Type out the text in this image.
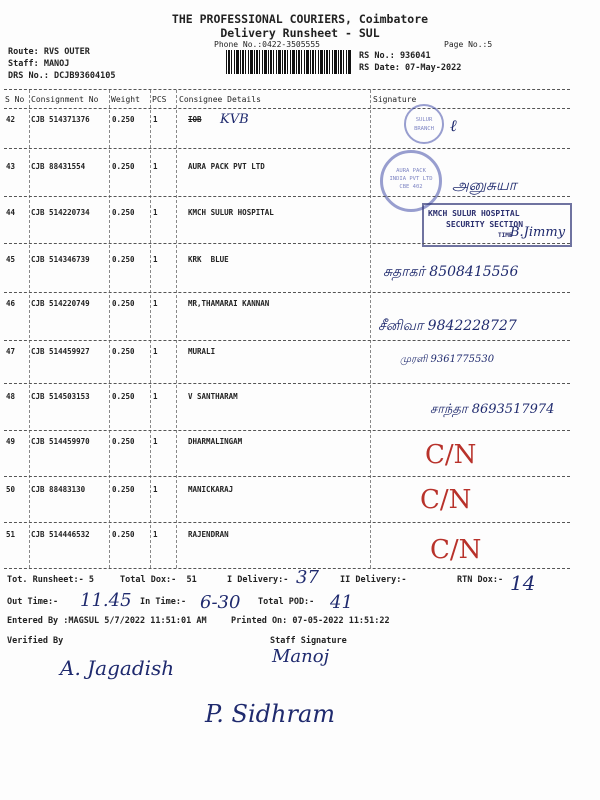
THE PROFESSIONAL COURIERS, Coimbatore
Delivery Runsheet - SUL
Phone No.:0422-3505555	Page No.:5
Route: RVS OUTER
Staff: MANOJ
DRS No.: DCJB93604105
RS No.: 936041
RS Date: 07-May-2022
S No Consignment No Weight PCS Consignee Details	Signature
42 CJB 514371376	0.250 1	IOB KVB	SULUR BRANCH	ℓ
43 CJB 88431554	0.250 1	AURA PACK PVT LTD	AURA PACK INDIA PVT LTD CBE 402	அனுசுயா
44 CJB 514220734	0.250 1	KMCH SULUR HOSPITAL	KMCH SULUR HOSPITAL
SECURITY SECTION
TIME
B.Jimmy
45 CJB 514346739	0.250 1	KRK  BLUE
சுதாகர் 8508415556
46 CJB 514220749	0.250 1	MR,THAMARAI KANNAN
சீனிவா 9842228727
47 CJB 514459927	0.250 1	MURALI
முரளி 9361775530
48 CJB 514503153	0.250 1	V SANTHARAM
சாந்தா 8693517974
49 CJB 514459970	0.250 1	DHARMALINGAM	C/N
50 CJB 88483130	0.250 1	MANICKARAJ	C/N
51 CJB 514446532	0.250 1	RAJENDRAN
C/N
Tot. Runsheet:- 5	Total Dox:-  51	I Delivery:- 37 II Delivery:-	RTN Dox:- 14
Out Time:- 11.45 In Time:- 6-30 Total POD:- 41
Entered By :MAGSUL 5/7/2022 11:51:01 AM	Printed On: 07-05-2022 11:51:22
Verified By	Staff Signature
A. Jagadish	Manoj
P. Sidhram
